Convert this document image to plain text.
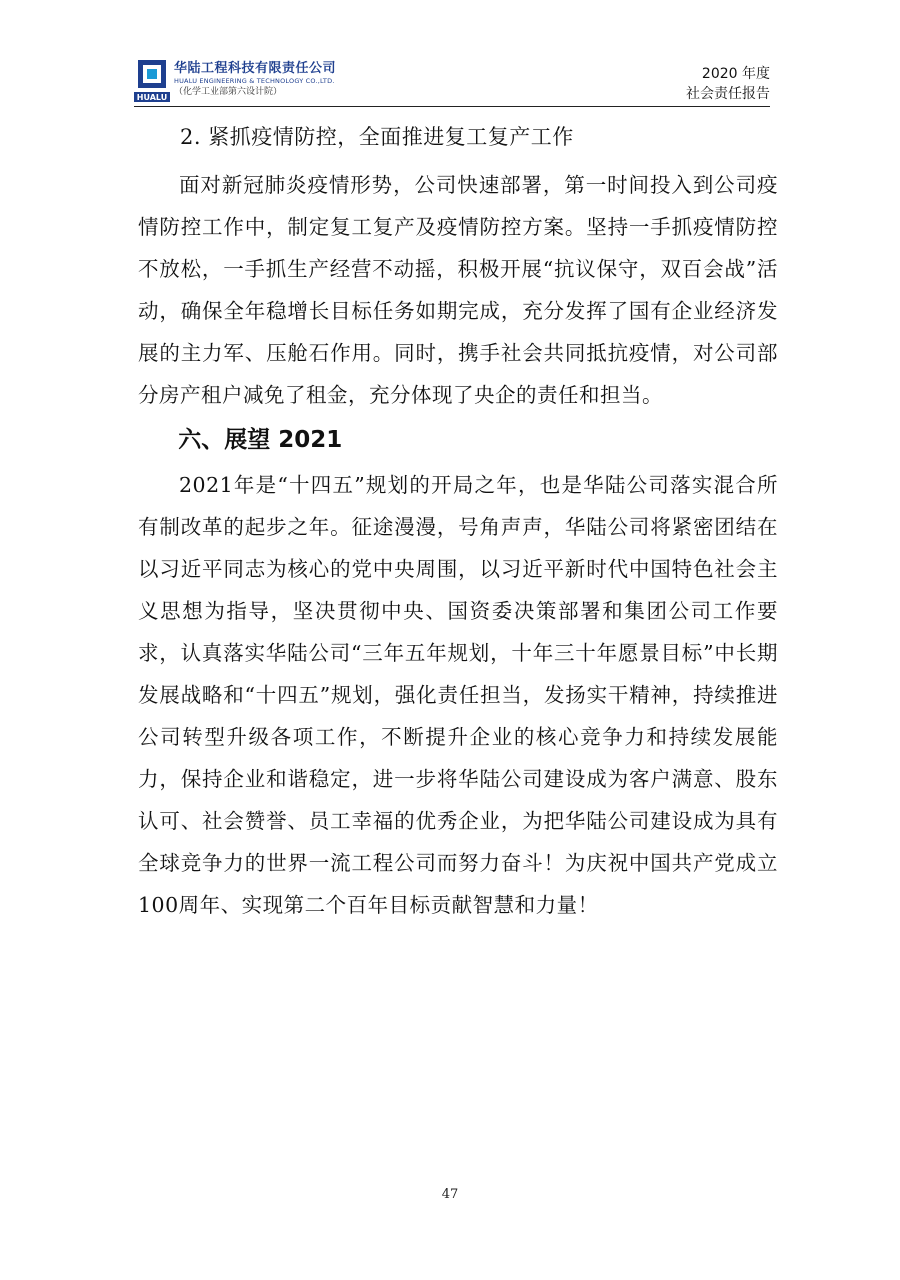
HUALU
华陆工程科技有限责任公司
HUALU ENGINEERING & TECHNOLOGY CO.,LTD.
（化学工业部第六设计院）
2020 年度
社会责任报告

2. 紧抓疫情防控，全面推进复工复产工作

面对新冠肺炎疫情形势，公司快速部署，第一时间投入到公司疫情防控工作中，制定复工复产及疫情防控方案。坚持一手抓疫情防控不放松，一手抓生产经营不动摇，积极开展“抗议保守，双百会战”活动，确保全年稳增长目标任务如期完成，充分发挥了国有企业经济发展的主力军、压舱石作用。同时，携手社会共同抵抗疫情，对公司部分房产租户减免了租金，充分体现了央企的责任和担当。

六、展望 2021

2021年是“十四五”规划的开局之年，也是华陆公司落实混合所有制改革的起步之年。征途漫漫，号角声声，华陆公司将紧密团结在以习近平同志为核心的党中央周围，以习近平新时代中国特色社会主义思想为指导，坚决贯彻中央、国资委决策部署和集团公司工作要求，认真落实华陆公司“三年五年规划，十年三十年愿景目标”中长期发展战略和“十四五”规划，强化责任担当，发扬实干精神，持续推进公司转型升级各项工作，不断提升企业的核心竞争力和持续发展能力，保持企业和谐稳定，进一步将华陆公司建设成为客户满意、股东认可、社会赞誉、员工幸福的优秀企业，为把华陆公司建设成为具有全球竞争力的世界一流工程公司而努力奋斗！为庆祝中国共产党成立100周年、实现第二个百年目标贡献智慧和力量！

47
